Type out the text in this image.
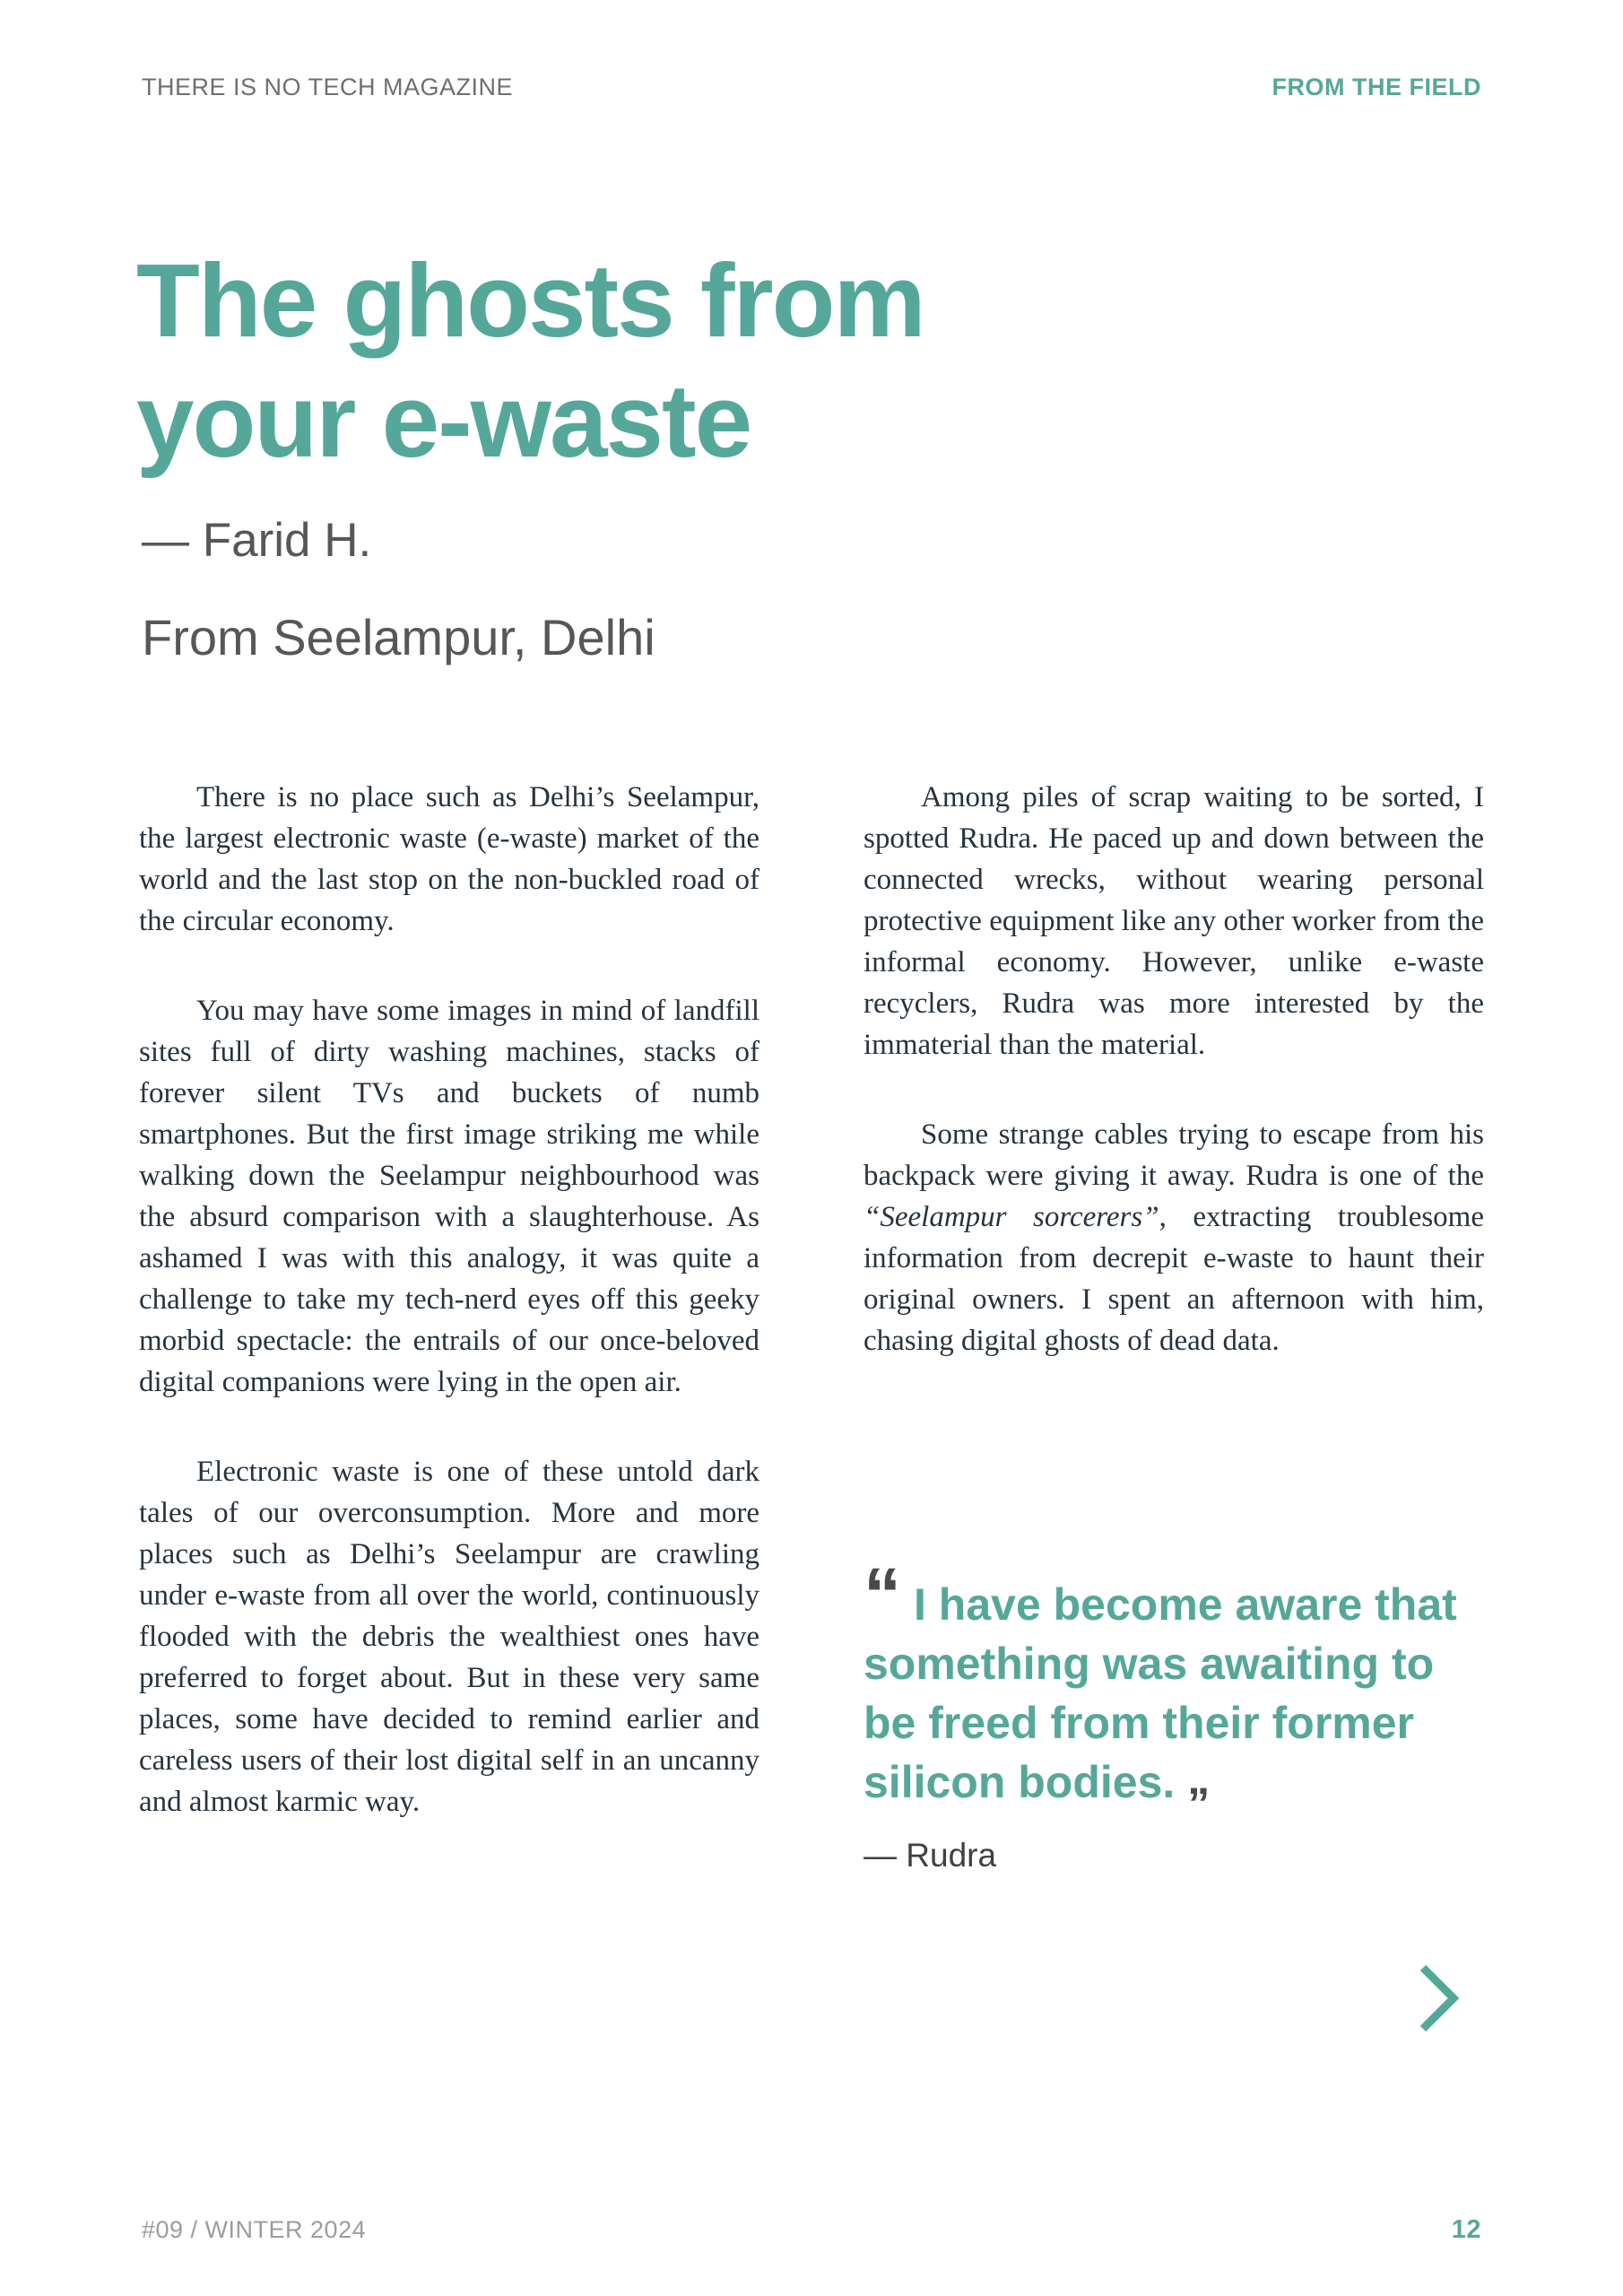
THERE IS NO TECH MAGAZINE	FROM THE FIELD
The ghosts from
your e-waste
— Farid H.
From Seelampur, Delhi

There is no place such as Delhi’s Seelampur, the largest electronic waste (e-waste) market of the world and the last stop on the non-buckled road of the circular economy.

You may have some images in mind of landfill sites full of dirty washing machines, stacks of forever silent TVs and buckets of numb smartphones. But the first image striking me while walking down the Seelampur neighbourhood was the absurd comparison with a slaughterhouse. As ashamed I was with this analogy, it was quite a challenge to take my tech-nerd eyes off this geeky morbid spectacle: the entrails of our once-beloved digital companions were lying in the open air.

Electronic waste is one of these untold dark tales of our overconsumption. More and more places such as Delhi’s Seelampur are crawling under e-waste from all over the world, continuously flooded with the debris the wealthiest ones have preferred to forget about. But in these very same places, some have decided to remind earlier and careless users of their lost digital self in an uncanny and almost karmic way.

Among piles of scrap waiting to be sorted, I spotted Rudra. He paced up and down between the connected wrecks, without wearing personal protective equipment like any other worker from the informal economy. However, unlike e-waste recyclers, Rudra was more interested by the immaterial than the material.

Some strange cables trying to escape from his backpack were giving it away. Rudra is one of the “Seelampur sorcerers”, extracting troublesome information from decrepit e-waste to haunt their original owners. I spent an afternoon with him, chasing digital ghosts of dead data.

“ I have become aware that
something was awaiting to
be freed from their former
silicon bodies. „
— Rudra
#09 / WINTER 2024	12
